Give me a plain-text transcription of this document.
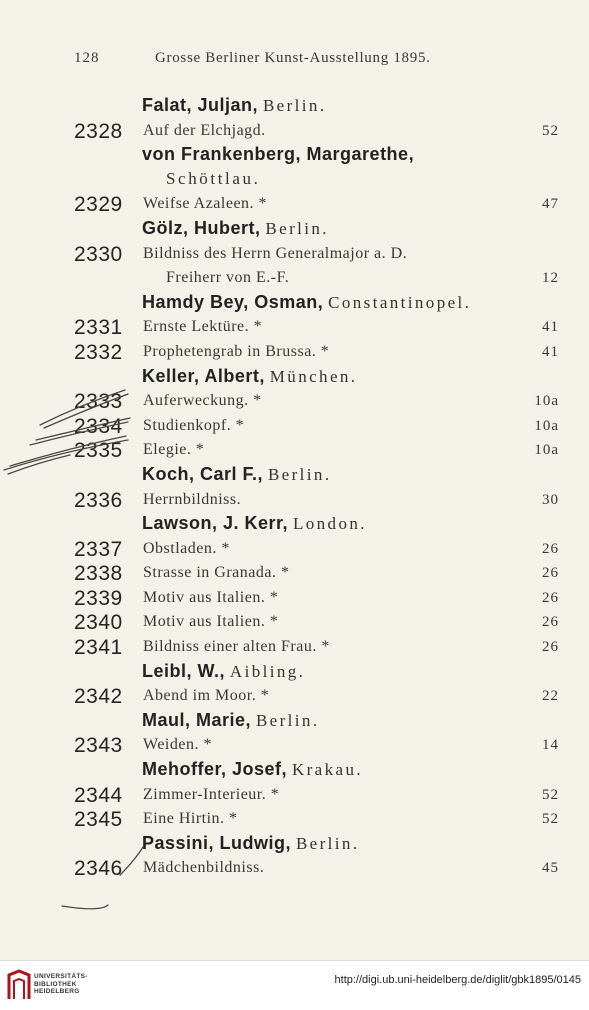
128	Grosse Berliner Kunst-Ausstellung 1895.
Falat, Juljan, Berlin.
2328	Auf der Elchjagd.	52
von Frankenberg, Margarethe,
Schöttlau.
2329	Weifse Azaleen. *	47
Gölz, Hubert, Berlin.
2330	Bildniss des Herrn Generalmajor a. D.
Freiherr von E.-F.	12
Hamdy Bey, Osman, Constantinopel.
2331	Ernste Lektüre. *	41
2332	Prophetengrab in Brussa. *	41
Keller, Albert, München.
2333	Auferweckung. *	10a
2334	Studienkopf. *	10a
2335	Elegie. *	10a
Koch, Carl F., Berlin.
2336	Herrnbildniss.	30
Lawson, J. Kerr, London.
2337	Obstladen. *	26
2338	Strasse in Granada. *	26
2339	Motiv aus Italien. *	26
2340	Motiv aus Italien. *	26
2341	Bildniss einer alten Frau. *	26
Leibl, W., Aibling.
2342	Abend im Moor. *	22
Maul, Marie, Berlin.
2343	Weiden. *	14
Mehoffer, Josef, Krakau.
2344	Zimmer-Interieur. *	52
2345	Eine Hirtin. *	52
Passini, Ludwig, Berlin.
2346	Mädchenbildniss.	45
UNIVERSITÄTS-
BIBLIOTHEK
HEIDELBERG
http://digi.ub.uni-heidelberg.de/diglit/gbk1895/0145
